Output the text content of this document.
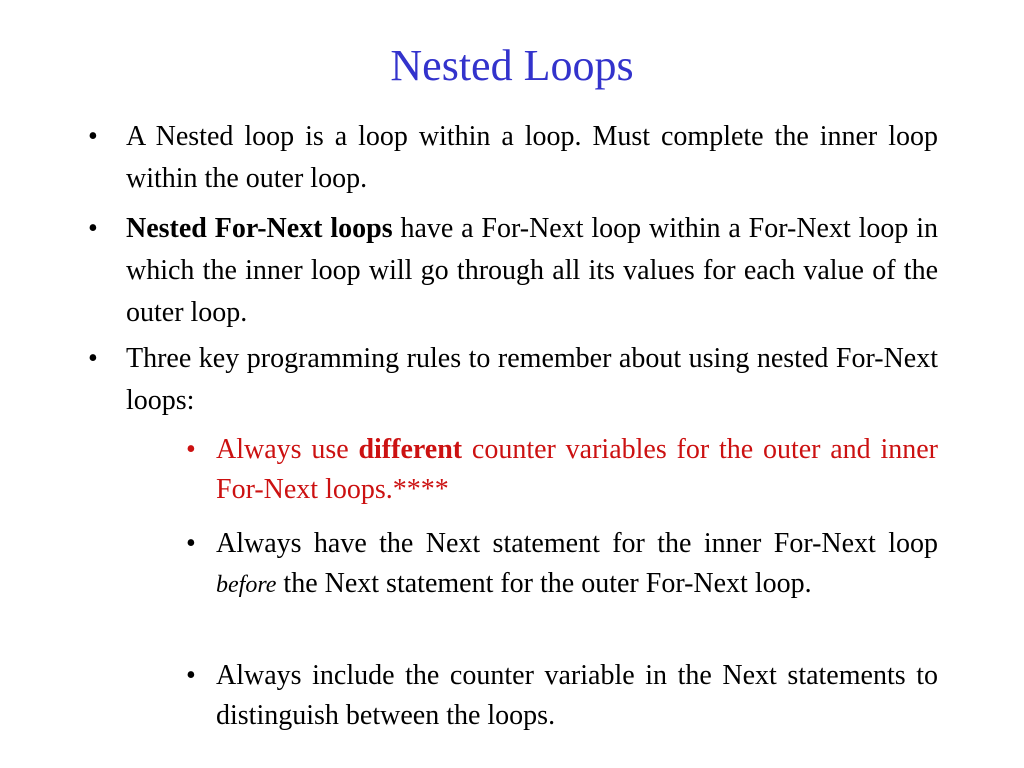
Nested Loops
•	A Nested loop is a loop within a loop. Must complete the inner loop within the outer loop.
•	Nested For-Next loops have a For-Next loop within a For-Next loop in which the inner loop will go through all its values for each value of the outer loop.
•	Three key programming rules to remember about using nested For-Next loops:
• Always use different counter variables for the outer and inner For-Next loops.****
• Always have the Next statement for the inner For-Next loop before the Next statement for the outer For-Next loop.
• Always include the counter variable in the Next statements to distinguish between the loops.
